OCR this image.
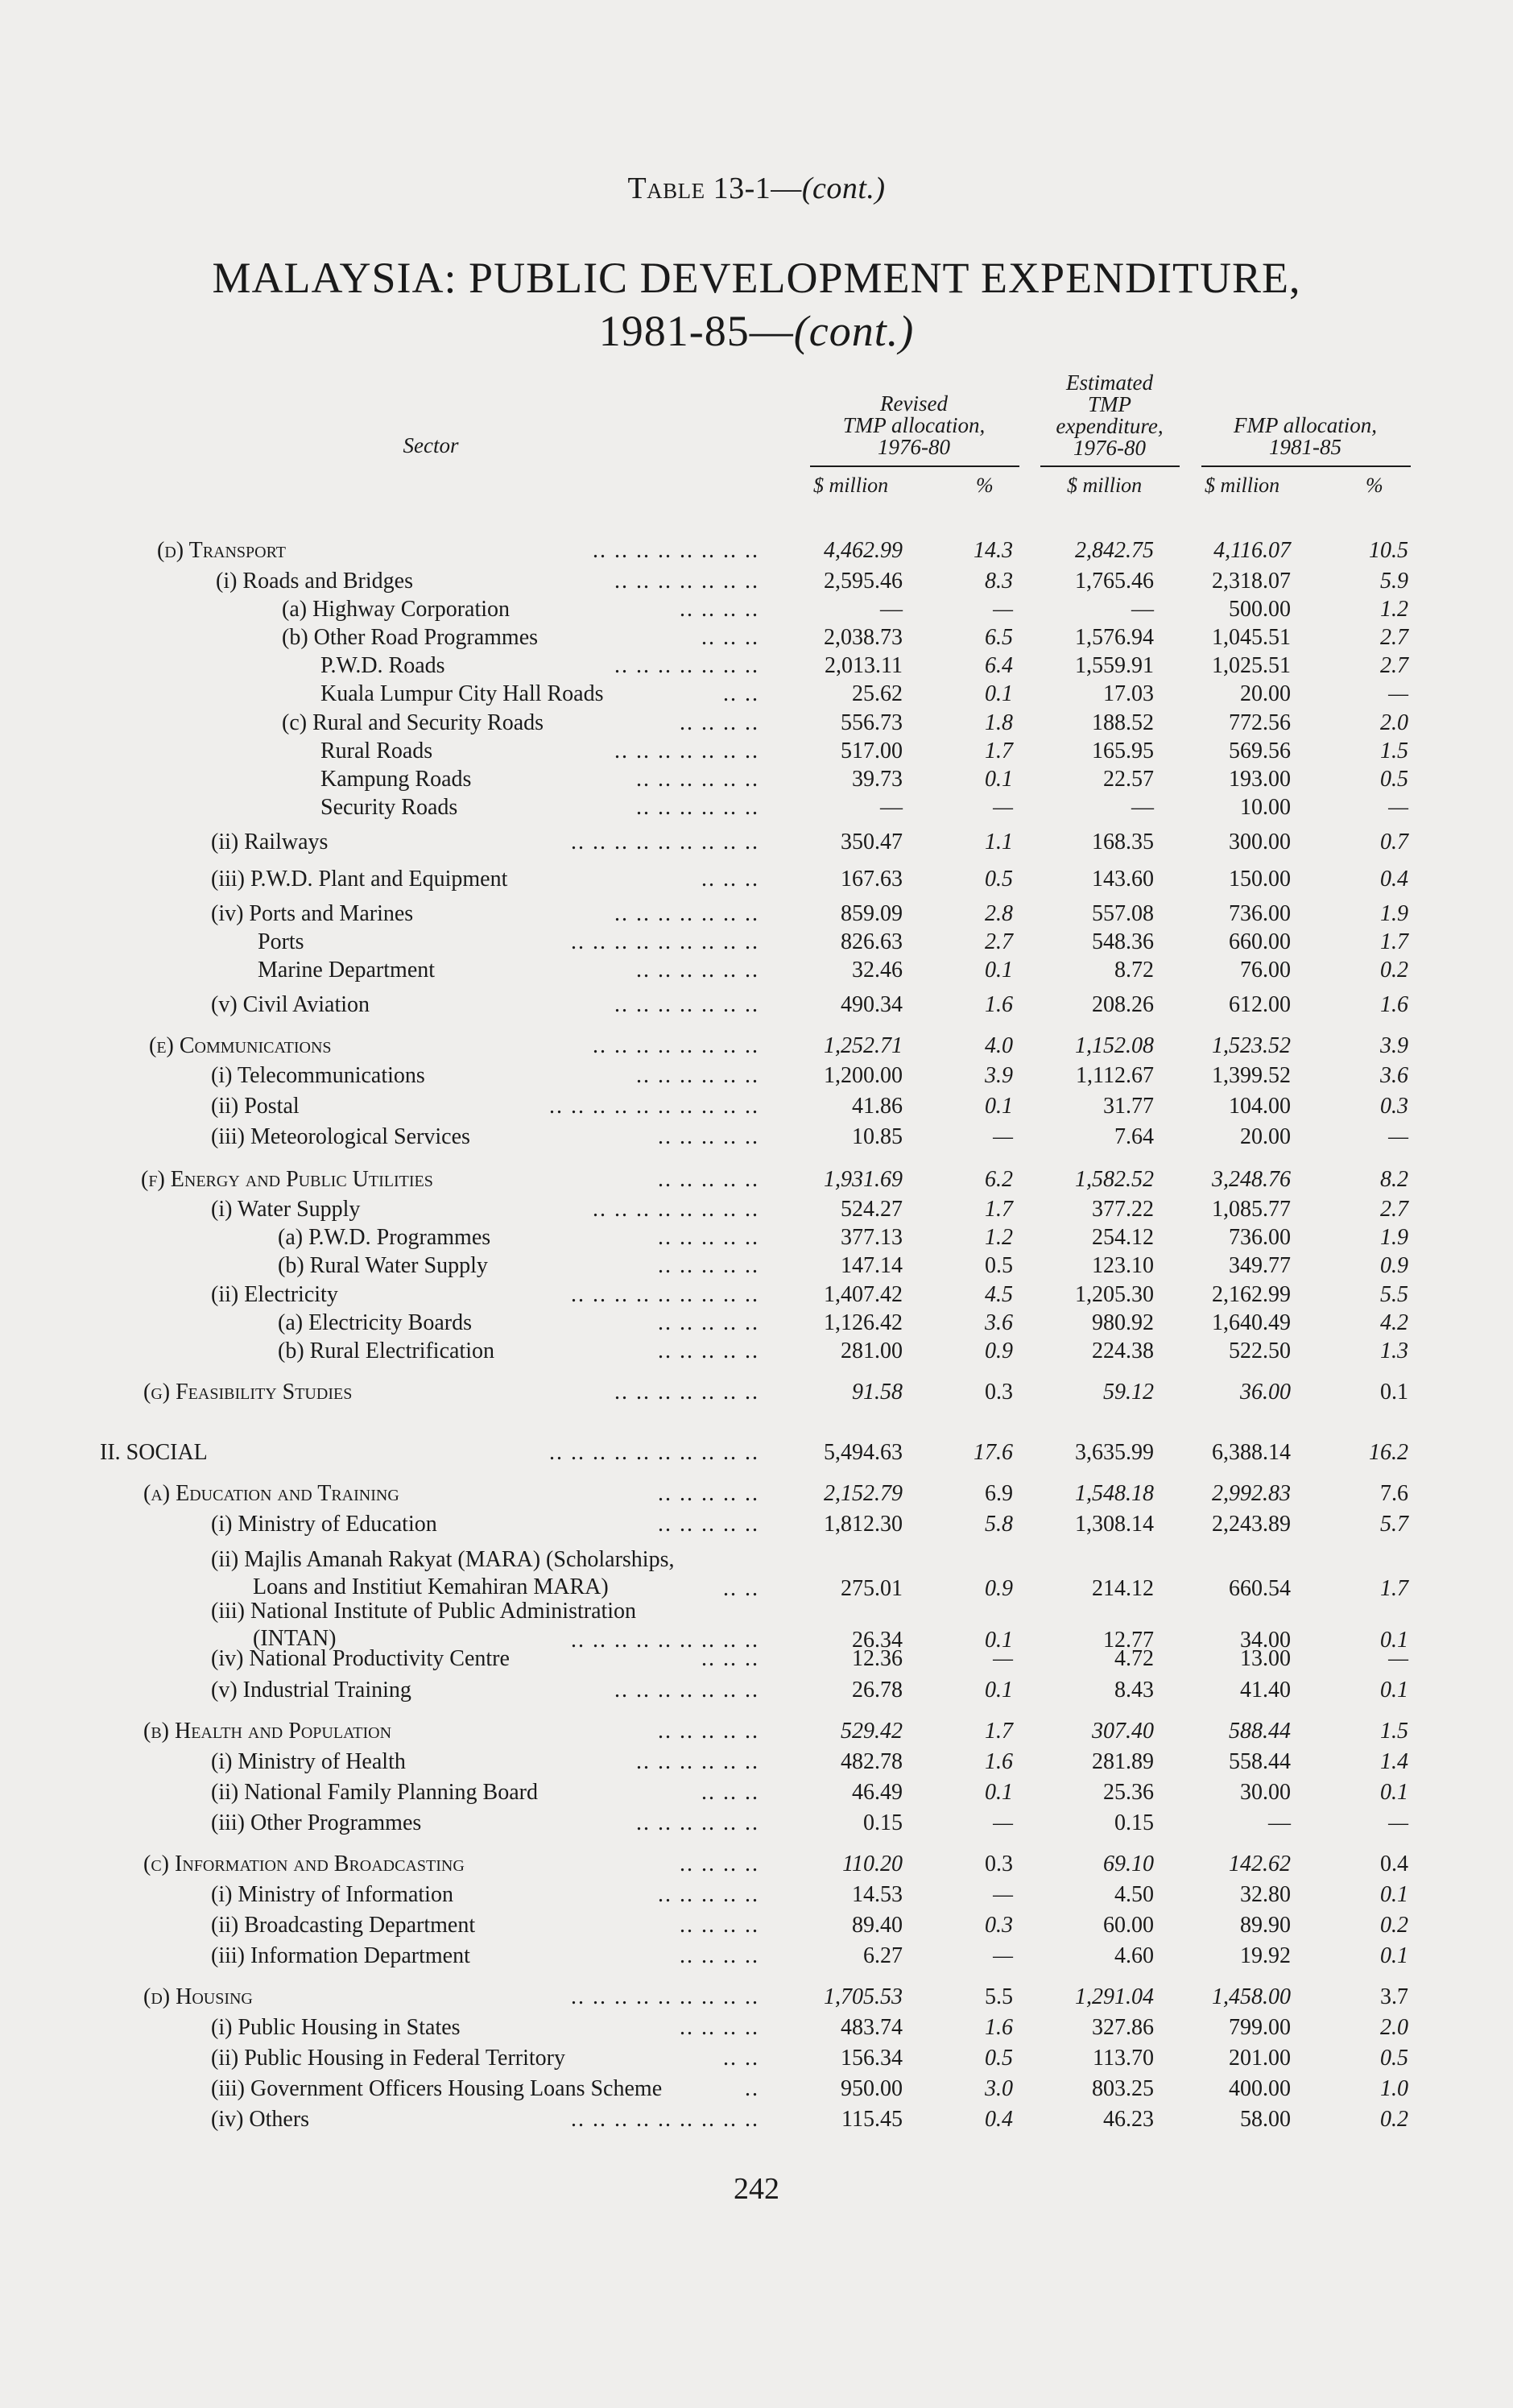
Table 13-1—(cont.)
MALAYSIA: PUBLIC DEVELOPMENT EXPENDITURE,
1981-85—(cont.)
Sector
Revised
TMP allocation,
1976-80
Estimated
TMP
expenditure,
1976-80
FMP allocation,
1981-85
$ million	%	$ million	$ million	%
(d) Transport	.. .. .. .. .. .. .. ..	4,462.99	14.3	2,842.75	4,116.07	10.5
(i) Roads and Bridges	.. .. .. .. .. .. ..	2,595.46	8.3	1,765.46	2,318.07	5.9
(a) Highway Corporation	.. .. .. ..	—	—	—	500.00	1.2
(b) Other Road Programmes	.. .. ..	2,038.73	6.5	1,576.94	1,045.51	2.7
P.W.D. Roads	.. .. .. .. .. .. ..	2,013.11	6.4	1,559.91	1,025.51	2.7
Kuala Lumpur City Hall Roads	.. ..	25.62	0.1	17.03	20.00	—
(c) Rural and Security Roads	.. .. .. ..	556.73	1.8	188.52	772.56	2.0
Rural Roads	.. .. .. .. .. .. ..	517.00	1.7	165.95	569.56	1.5
Kampung Roads	.. .. .. .. .. ..	39.73	0.1	22.57	193.00	0.5
Security Roads	.. .. .. .. .. ..	—	—	—	10.00	—
(ii) Railways	.. .. .. .. .. .. .. .. ..	350.47	1.1	168.35	300.00	0.7
(iii) P.W.D. Plant and Equipment	.. .. ..	167.63	0.5	143.60	150.00	0.4
(iv) Ports and Marines	.. .. .. .. .. .. ..	859.09	2.8	557.08	736.00	1.9
Ports	.. .. .. .. .. .. .. .. ..	826.63	2.7	548.36	660.00	1.7
Marine Department	.. .. .. .. .. ..	32.46	0.1	8.72	76.00	0.2
(v) Civil Aviation	.. .. .. .. .. .. ..	490.34	1.6	208.26	612.00	1.6
(e) Communications	.. .. .. .. .. .. .. ..	1,252.71	4.0	1,152.08	1,523.52	3.9
(i) Telecommunications	.. .. .. .. .. ..	1,200.00	3.9	1,112.67	1,399.52	3.6
(ii) Postal	.. .. .. .. .. .. .. .. .. ..	41.86	0.1	31.77	104.00	0.3
(iii) Meteorological Services	.. .. .. .. ..	10.85	—	7.64	20.00	—
(f) Energy and Public Utilities	.. .. .. .. ..	1,931.69	6.2	1,582.52	3,248.76	8.2
(i) Water Supply	.. .. .. .. .. .. .. ..	524.27	1.7	377.22	1,085.77	2.7
(a) P.W.D. Programmes	.. .. .. .. ..	377.13	1.2	254.12	736.00	1.9
(b) Rural Water Supply	.. .. .. .. ..	147.14	0.5	123.10	349.77	0.9
(ii) Electricity	.. .. .. .. .. .. .. .. ..	1,407.42	4.5	1,205.30	2,162.99	5.5
(a) Electricity Boards	.. .. .. .. ..	1,126.42	3.6	980.92	1,640.49	4.2
(b) Rural Electrification	.. .. .. .. ..	281.00	0.9	224.38	522.50	1.3
(g) Feasibility Studies	.. .. .. .. .. .. ..	91.58	0.3	59.12	36.00	0.1
II. SOCIAL	.. .. .. .. .. .. .. .. .. ..	5,494.63	17.6	3,635.99	6,388.14	16.2
(a) Education and Training	.. .. .. .. ..	2,152.79	6.9	1,548.18	2,992.83	7.6
(i) Ministry of Education	.. .. .. .. ..	1,812.30	5.8	1,308.14	2,243.89	5.7
(ii) Majlis Amanah Rakyat (MARA) (Scholarships,
Loans and Institiut Kemahiran MARA)	.. ..	275.01	0.9	214.12	660.54	1.7
(iii) National Institute of Public Administration
(INTAN)	.. .. .. .. .. .. .. .. ..	26.34	0.1	12.77	34.00	0.1
(iv) National Productivity Centre	.. .. ..	12.36	—	4.72	13.00	—
(v) Industrial Training	.. .. .. .. .. .. ..	26.78	0.1	8.43	41.40	0.1
(b) Health and Population	.. .. .. .. ..	529.42	1.7	307.40	588.44	1.5
(i) Ministry of Health	.. .. .. .. .. ..	482.78	1.6	281.89	558.44	1.4
(ii) National Family Planning Board	.. .. ..	46.49	0.1	25.36	30.00	0.1
(iii) Other Programmes	.. .. .. .. .. ..	0.15	—	0.15	—	—
(c) Information and Broadcasting	.. .. .. ..	110.20	0.3	69.10	142.62	0.4
(i) Ministry of Information	.. .. .. .. ..	14.53	—	4.50	32.80	0.1
(ii) Broadcasting Department	.. .. .. ..	89.40	0.3	60.00	89.90	0.2
(iii) Information Department	.. .. .. ..	6.27	—	4.60	19.92	0.1
(d) Housing	.. .. .. .. .. .. .. .. ..	1,705.53	5.5	1,291.04	1,458.00	3.7
(i) Public Housing in States	.. .. .. ..	483.74	1.6	327.86	799.00	2.0
(ii) Public Housing in Federal Territory	.. ..	156.34	0.5	113.70	201.00	0.5
(iii) Government Officers Housing Loans Scheme	..	950.00	3.0	803.25	400.00	1.0
(iv) Others	.. .. .. .. .. .. .. .. ..	115.45	0.4	46.23	58.00	0.2
242
